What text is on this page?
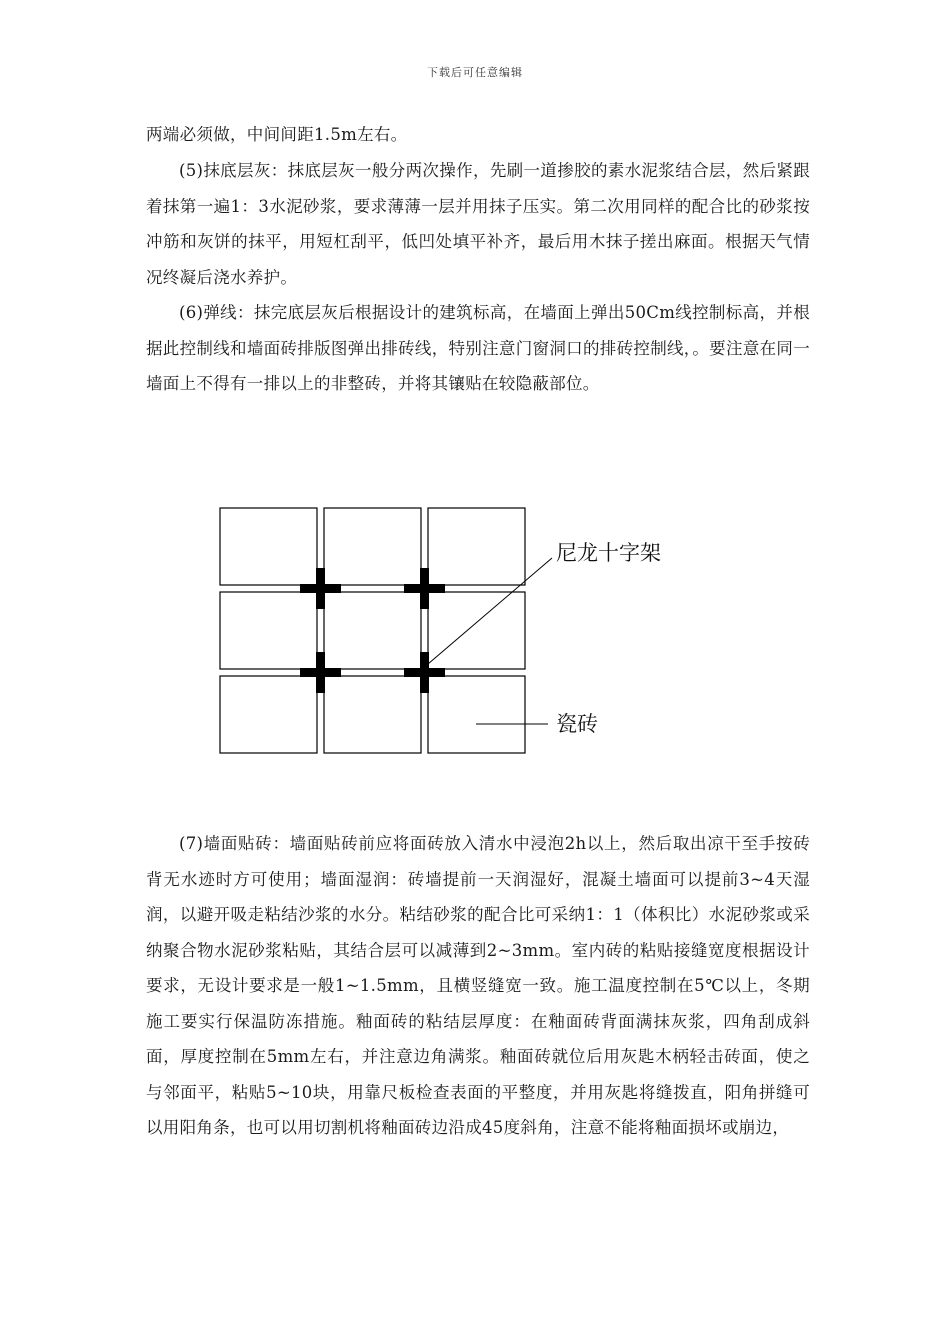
下载后可任意编辑

两端必须做，中间间距1.5m左右。

(5)抹底层灰：抹底层灰一般分两次操作，先刷一道掺胶的素水泥浆结合层，然后紧跟着抹第一遍1：3水泥砂浆，要求薄薄一层并用抹子压实。第二次用同样的配合比的砂浆按冲筋和灰饼的抹平，用短杠刮平，低凹处填平补齐，最后用木抹子搓出麻面。根据天气情况终凝后浇水养护。

(6)弹线：抹完底层灰后根据设计的建筑标高，在墙面上弹出50Cm线控制标高，并根据此控制线和墙面砖排版图弹出排砖线，特别注意门窗洞口的排砖控制线，。要注意在同一墙面上不得有一排以上的非整砖，并将其镶贴在较隐蔽部位。

尼龙十字架
瓷砖

(7)墙面贴砖：墙面贴砖前应将面砖放入清水中浸泡2h以上，然后取出凉干至手按砖背无水迹时方可使用；墙面湿润：砖墙提前一天润湿好，混凝土墙面可以提前3~4天湿润，以避开吸走粘结沙浆的水分。粘结砂浆的配合比可采纳1：1（体积比）水泥砂浆或采纳聚合物水泥砂浆粘贴，其结合层可以减薄到2~3mm。室内砖的粘贴接缝宽度根据设计要求，无设计要求是一般1~1.5mm，且横竖缝宽一致。施工温度控制在5℃以上，冬期施工要实行保温防冻措施。釉面砖的粘结层厚度：在釉面砖背面满抹灰浆，四角刮成斜面，厚度控制在5mm左右，并注意边角满浆。釉面砖就位后用灰匙木柄轻击砖面，使之与邻面平，粘贴5~10块，用靠尺板检查表面的平整度，并用灰匙将缝拨直，阳角拼缝可以用阳角条，也可以用切割机将釉面砖边沿成45度斜角，注意不能将釉面损坏或崩边，
